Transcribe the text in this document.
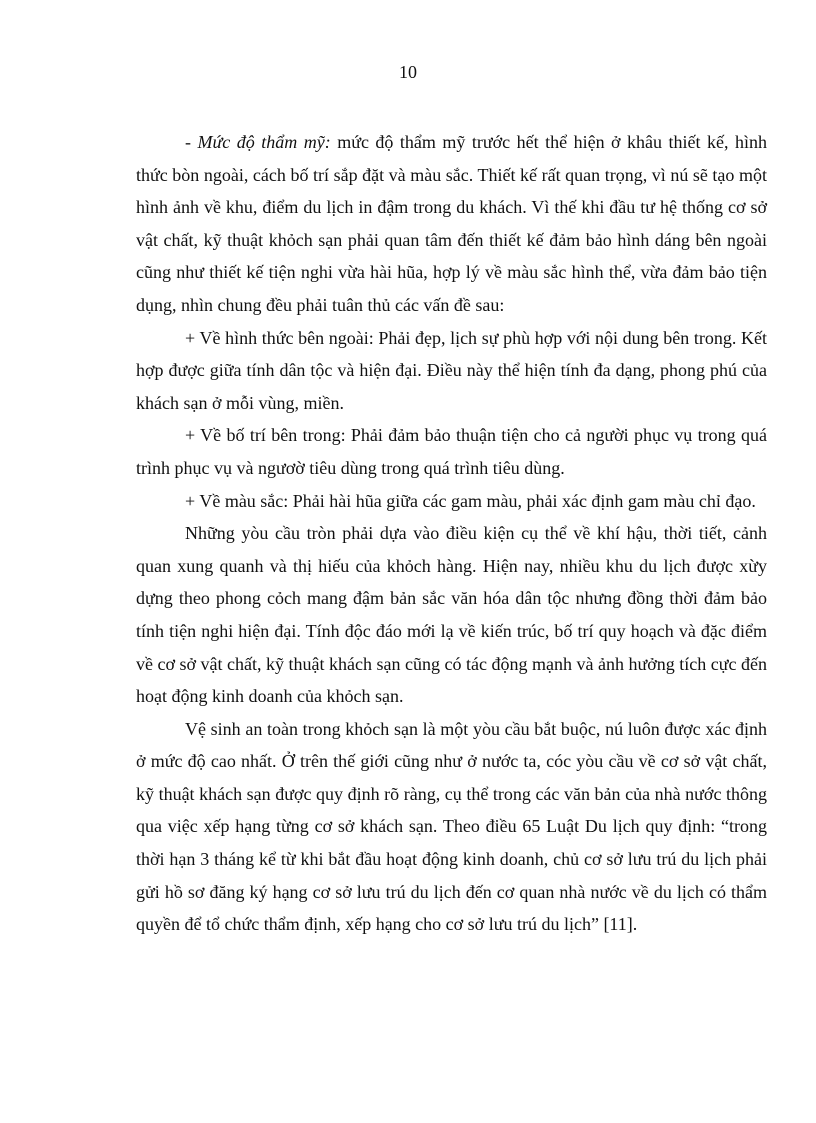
10

- Mức độ thẩm mỹ: mức độ thẩm mỹ trước hết thể hiện ở khâu thiết kế, hình thức bòn ngoài, cách bố trí sắp đặt và màu sắc. Thiết kế rất quan trọng, vì nú sẽ tạo một hình ảnh về khu, điểm du lịch in đậm trong du khách. Vì thế khi đầu tư hệ thống cơ sở vật chất, kỹ thuật khỏch sạn phải quan tâm đến thiết kế đảm bảo hình dáng bên ngoài cũng như thiết kế tiện nghi vừa hài hũa, hợp lý về màu sắc hình thể, vừa đảm bảo tiện dụng, nhìn chung đều phải tuân thủ các vấn đề sau:

+ Về hình thức bên ngoài: Phải đẹp, lịch sự phù hợp với nội dung bên trong. Kết hợp được giữa tính dân tộc và hiện đại. Điều này thể hiện tính đa dạng, phong phú của khách sạn ở mỗi vùng, miền.

+ Về bố trí bên trong: Phải đảm bảo thuận tiện cho cả người phục vụ trong quá trình phục vụ và ngươờ tiêu dùng trong quá trình tiêu dùng.

+ Về màu sắc: Phải hài hũa giữa các gam màu, phải xác định gam màu chỉ đạo.

Những yòu cầu tròn phải dựa vào điều kiện cụ thể về khí hậu, thời tiết, cảnh quan xung quanh và thị hiếu của khỏch hàng. Hiện nay, nhiều khu du lịch được xừy dựng theo phong cỏch mang đậm bản sắc văn hóa dân tộc nhưng đồng thời đảm bảo tính tiện nghi hiện đại. Tính độc đáo mới lạ về kiến trúc, bố trí quy hoạch và đặc điểm về cơ sở vật chất, kỹ thuật khách sạn cũng có tác động mạnh và ảnh hưởng tích cực đến hoạt động kinh doanh của khỏch sạn.

Vệ sinh an toàn trong khỏch sạn là một yòu cầu bắt buộc, nú luôn được xác định ở mức độ cao nhất. Ở trên thế giới cũng như ở nước ta, cóc yòu cầu về cơ sở vật chất, kỹ thuật khách sạn được quy định rõ ràng, cụ thể trong các văn bản của nhà nước thông qua việc xếp hạng từng cơ sở khách sạn. Theo điều 65 Luật Du lịch quy định: “trong thời hạn 3 tháng kể từ khi bắt đầu hoạt động kinh doanh, chủ cơ sở lưu trú du lịch phải gửi hồ sơ đăng ký hạng cơ sở lưu trú du lịch đến cơ quan nhà nước về du lịch có thẩm quyền để tổ chức thẩm định, xếp hạng cho cơ sở lưu trú du lịch” [11].
